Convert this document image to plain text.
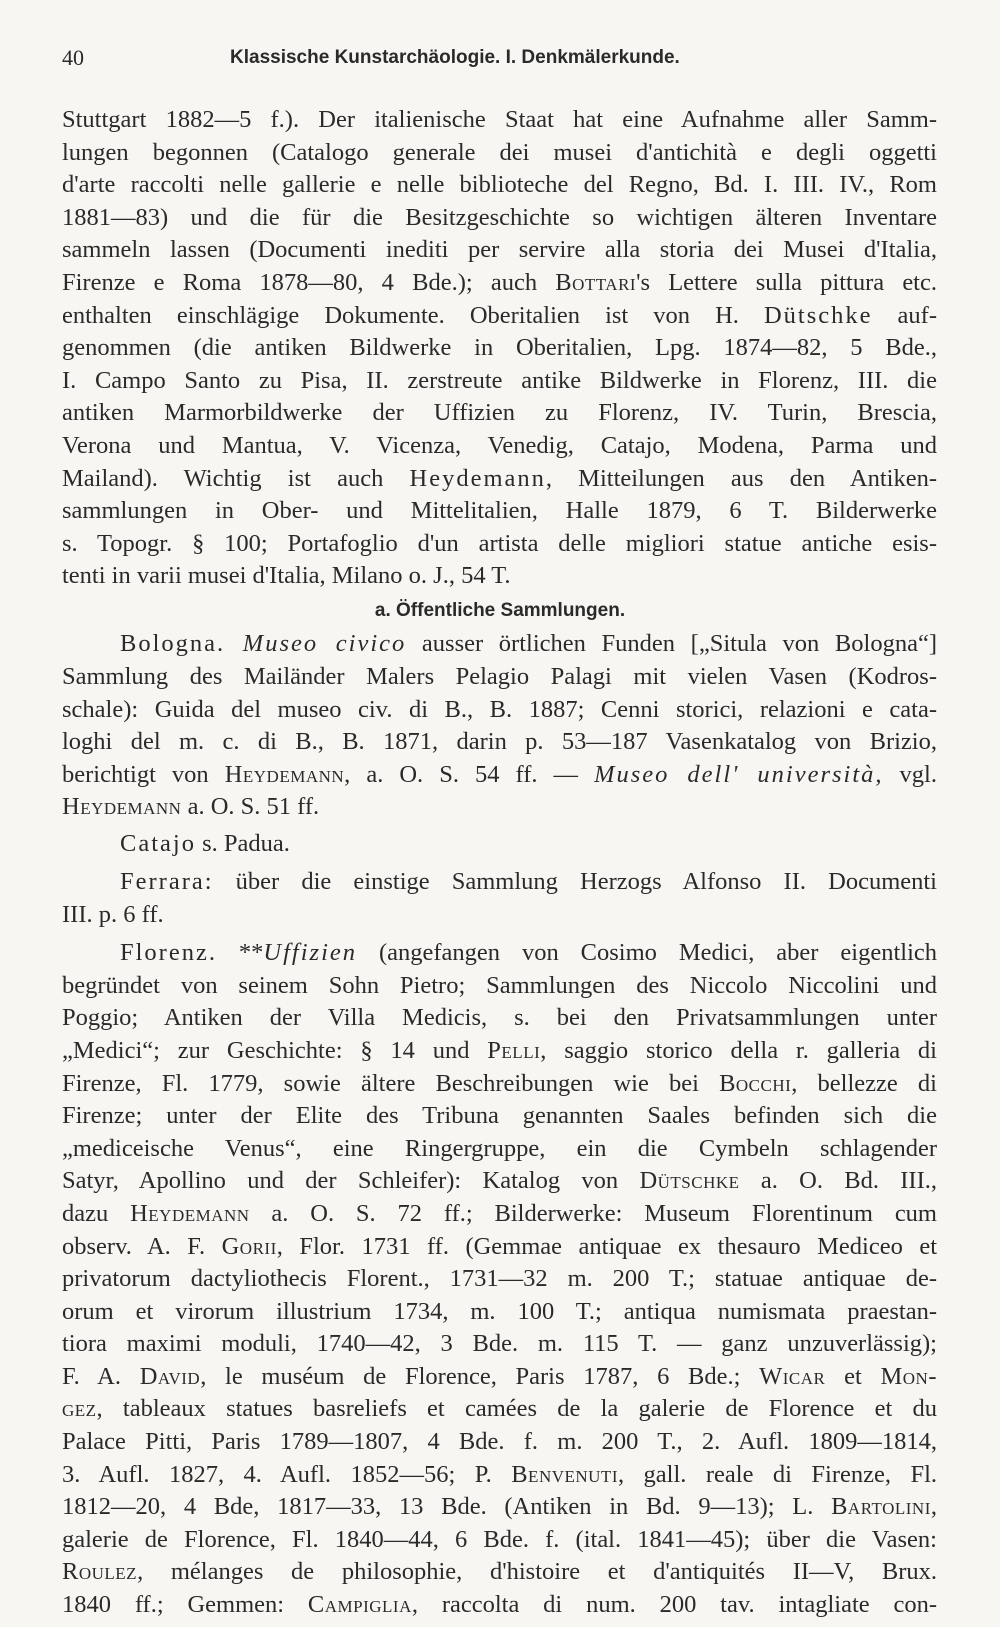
40	Klassische Kunstarchäologie. I. Denkmälerkunde.
Stuttgart 1882—5 f.). Der italienische Staat hat eine Aufnahme aller Samm-
lungen begonnen (Catalogo generale dei musei d'antichità e degli oggetti
d'arte raccolti nelle gallerie e nelle biblioteche del Regno, Bd. I. III. IV., Rom
1881—83) und die für die Besitzgeschichte so wichtigen älteren Inventare
sammeln lassen (Documenti inediti per servire alla storia dei Musei d'Italia,
Firenze e Roma 1878—80, 4 Bde.); auch Bottari's Lettere sulla pittura etc.
enthalten einschlägige Dokumente. Oberitalien ist von H. Dütschke auf-
genommen (die antiken Bildwerke in Oberitalien, Lpg. 1874—82, 5 Bde.,
I. Campo Santo zu Pisa, II. zerstreute antike Bildwerke in Florenz, III. die
antiken Marmorbildwerke der Uffizien zu Florenz, IV. Turin, Brescia,
Verona und Mantua, V. Vicenza, Venedig, Catajo, Modena, Parma und
Mailand). Wichtig ist auch Heydemann, Mitteilungen aus den Antiken-
sammlungen in Ober- und Mittelitalien, Halle 1879, 6 T. Bilderwerke
s. Topogr. § 100; Portafoglio d'un artista delle migliori statue antiche esis-
tenti in varii musei d'Italia, Milano o. J., 54 T.
a. Öffentliche Sammlungen.
Bologna. Museo civico ausser örtlichen Funden [„Situla von Bologna“]
Sammlung des Mailänder Malers Pelagio Palagi mit vielen Vasen (Kodros-
schale): Guida del museo civ. di B., B. 1887; Cenni storici, relazioni e cata-
loghi del m. c. di B., B. 1871, darin p. 53—187 Vasenkatalog von Brizio,
berichtigt von Heydemann, a. O. S. 54 ff. — Museo dell' università, vgl.
Heydemann a. O. S. 51 ff.
Catajo s. Padua.
Ferrara: über die einstige Sammlung Herzogs Alfonso II. Documenti
III. p. 6 ff.
Florenz. **Uffizien (angefangen von Cosimo Medici, aber eigentlich
begründet von seinem Sohn Pietro; Sammlungen des Niccolo Niccolini und
Poggio; Antiken der Villa Medicis, s. bei den Privatsammlungen unter
„Medici“; zur Geschichte: § 14 und Pelli, saggio storico della r. galleria di
Firenze, Fl. 1779, sowie ältere Beschreibungen wie bei Bocchi, bellezze di
Firenze; unter der Elite des Tribuna genannten Saales befinden sich die
„mediceische Venus“, eine Ringergruppe, ein die Cymbeln schlagender
Satyr, Apollino und der Schleifer): Katalog von Dütschke a. O. Bd. III.,
dazu Heydemann a. O. S. 72 ff.; Bilderwerke: Museum Florentinum cum
observ. A. F. Gorii, Flor. 1731 ff. (Gemmae antiquae ex thesauro Mediceo et
privatorum dactyliothecis Florent., 1731—32 m. 200 T.; statuae antiquae de-
orum et virorum illustrium 1734, m. 100 T.; antiqua numismata praestan-
tiora maximi moduli, 1740—42, 3 Bde. m. 115 T. — ganz unzuverlässig);
F. A. David, le muséum de Florence, Paris 1787, 6 Bde.; Wicar et Mon-
gez, tableaux statues basreliefs et camées de la galerie de Florence et du
Palace Pitti, Paris 1789—1807, 4 Bde. f. m. 200 T., 2. Aufl. 1809—1814,
3. Aufl. 1827, 4. Aufl. 1852—56; P. Benvenuti, gall. reale di Firenze, Fl.
1812—20, 4 Bde, 1817—33, 13 Bde. (Antiken in Bd. 9—13); L. Bartolini,
galerie de Florence, Fl. 1840—44, 6 Bde. f. (ital. 1841—45); über die Vasen:
Roulez, mélanges de philosophie, d'histoire et d'antiquités II—V, Brux.
1840 ff.; Gemmen: Campiglia, raccolta di num. 200 tav. intagliate con-
